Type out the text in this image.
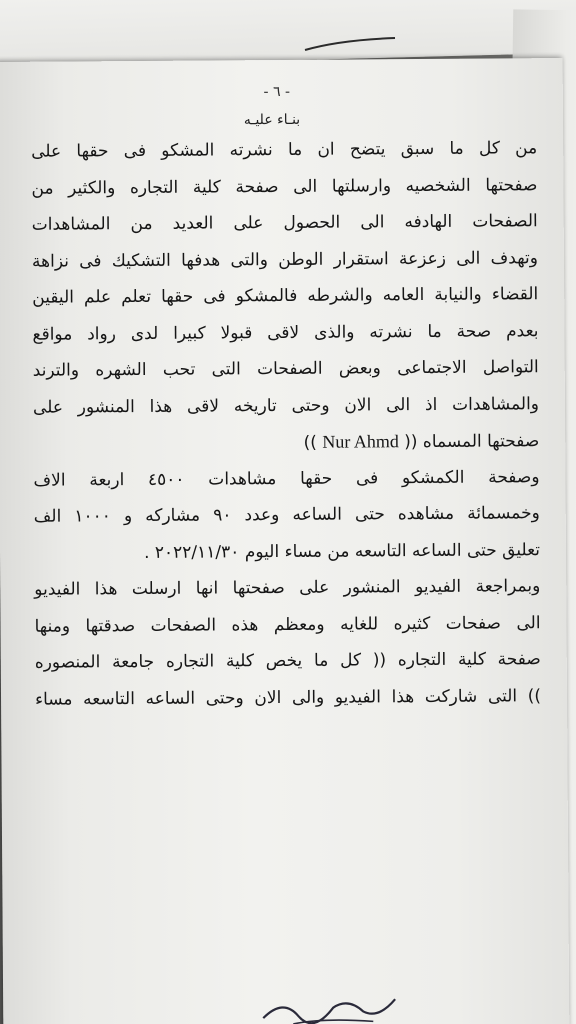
- ٦ -
بنـاء عليـه
من كل ما سبق يتضح ان ما نشرته المشكو فى حقها على
صفحتها الشخصيه وارسلتها الى صفحة كلية التجاره والكثير من
الصفحات الهادفه الى الحصول على العديد من المشاهدات
وتهدف الى زعزعة استقرار الوطن والتى هدفها التشكيك فى نزاهة
القضاء والنيابة العامه والشرطه فالمشكو فى حقها تعلم علم اليقين
بعدم صحة ما نشرته والذى لاقى قبولا كبيرا لدى رواد مواقع
التواصل الاجتماعى وبعض الصفحات التى تحب الشهره والترند
والمشاهدات اذ الى الان وحتى تاريخه لاقى هذا المنشور على
صفحتها المسماه (( Nur Ahmd ))
وصفحة الكمشكو فى حقها مشاهدات ٤٥٠٠ اربعة الاف
وخمسمائة مشاهده حتى الساعه وعدد ٩٠ مشاركه و ١٠٠٠ الف
تعليق حتى الساعه التاسعه من مساء اليوم ٢٠٢٢/١١/٣٠ .
وبمراجعة الفيديو المنشور على صفحتها انها ارسلت هذا الفيديو
الى صفحات كثيره للغايه ومعظم هذه الصفحات صدقتها ومنها
صفحة كلية التجاره (( كل ما يخص كلية التجاره جامعة المنصوره
)) التى شاركت هذا الفيديو والى الان وحتى الساعه التاسعه مساء
